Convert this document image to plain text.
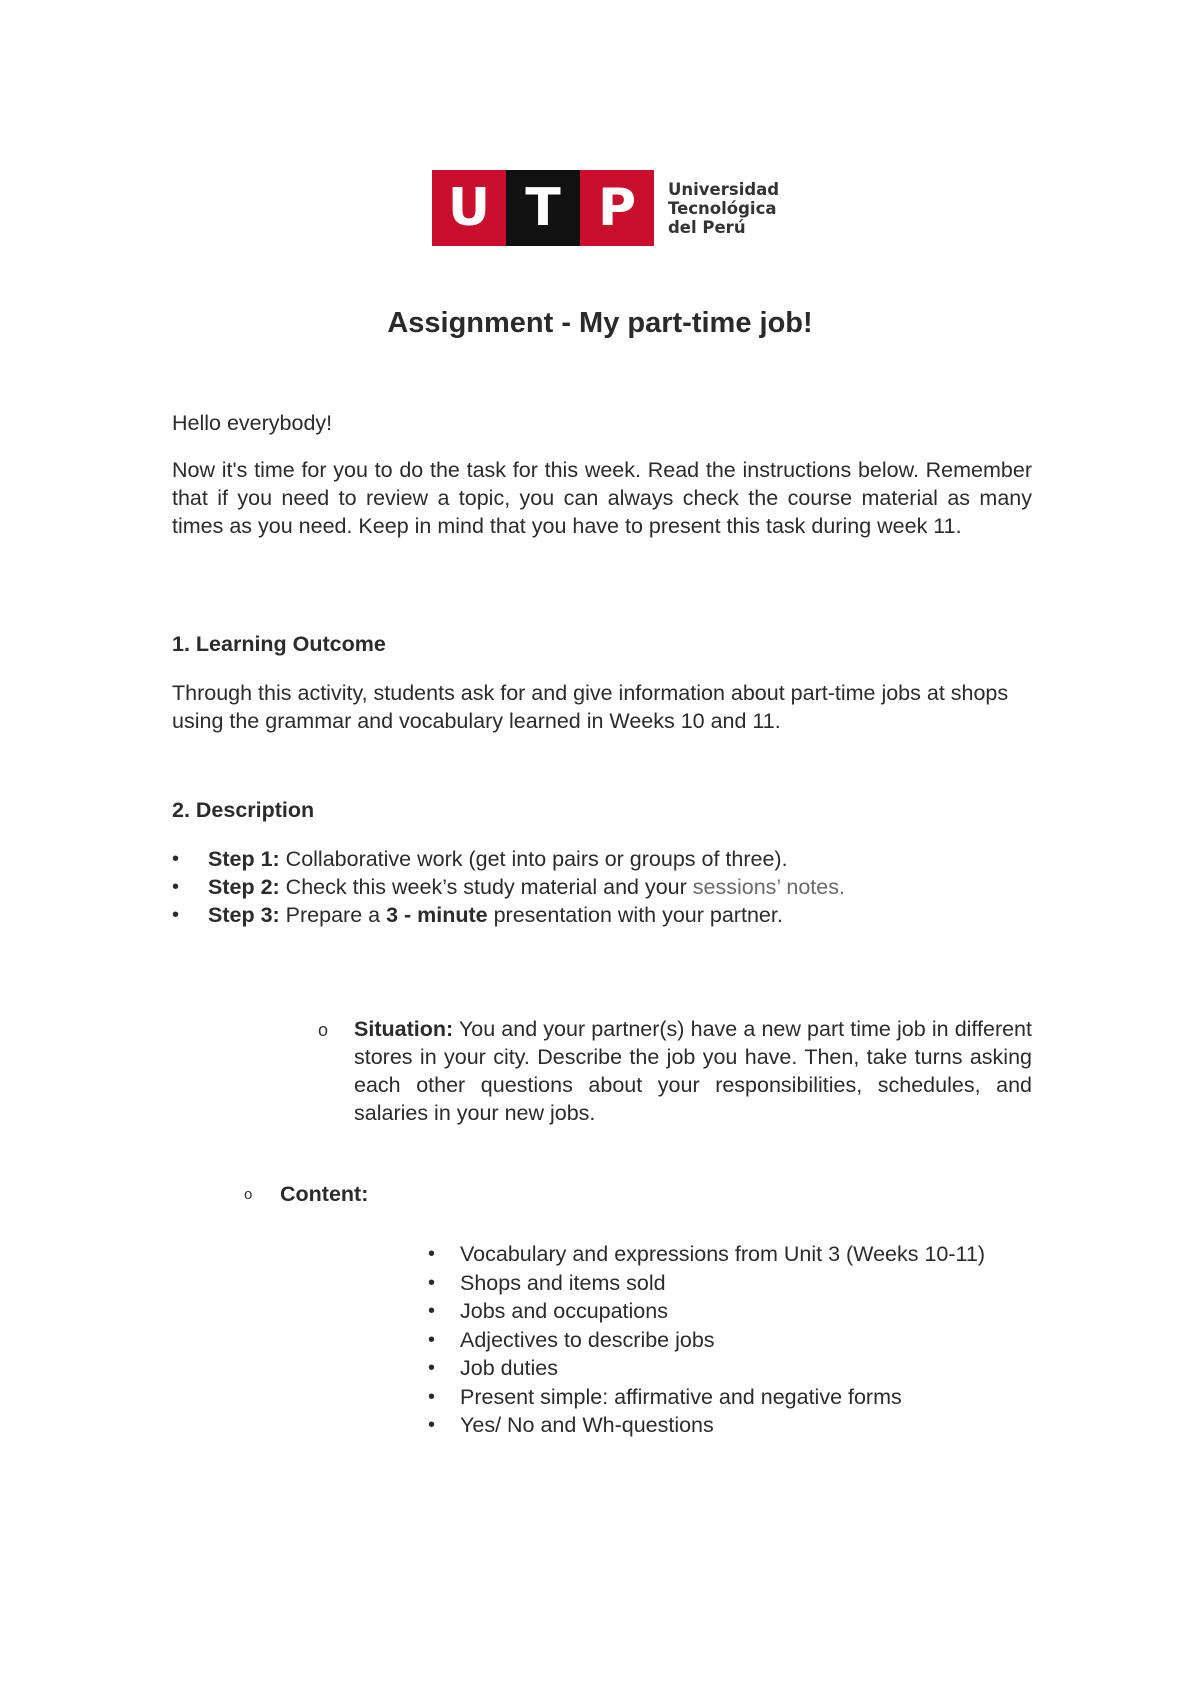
U T P	Universidad
Tecnológica
del Perú
Assignment - My part-time job!
Hello everybody!
Now it's time for you to do the task for this week. Read the instructions below. Remember that if you need to review a topic, you can always check the course material as many times as you need. Keep in mind that you have to present this task during week 11.
1. Learning Outcome
Through this activity, students ask for and give information about part-time jobs at shops using the grammar and vocabulary learned in Weeks 10 and 11.
2. Description
• Step 1: Collaborative work (get into pairs or groups of three).
• Step 2: Check this week’s study material and your sessions’ notes.
• Step 3: Prepare a 3 - minute presentation with your partner.
o	Situation: You and your partner(s) have a new part time job in different stores in your city. Describe the job you have. Then, take turns asking each other questions about your responsibilities, schedules, and salaries in your new jobs.
o Content:
• Vocabulary and expressions from Unit 3 (Weeks 10-11)
• Shops and items sold
• Jobs and occupations
• Adjectives to describe jobs
• Job duties
• Present simple: affirmative and negative forms
• Yes/ No and Wh-questions
